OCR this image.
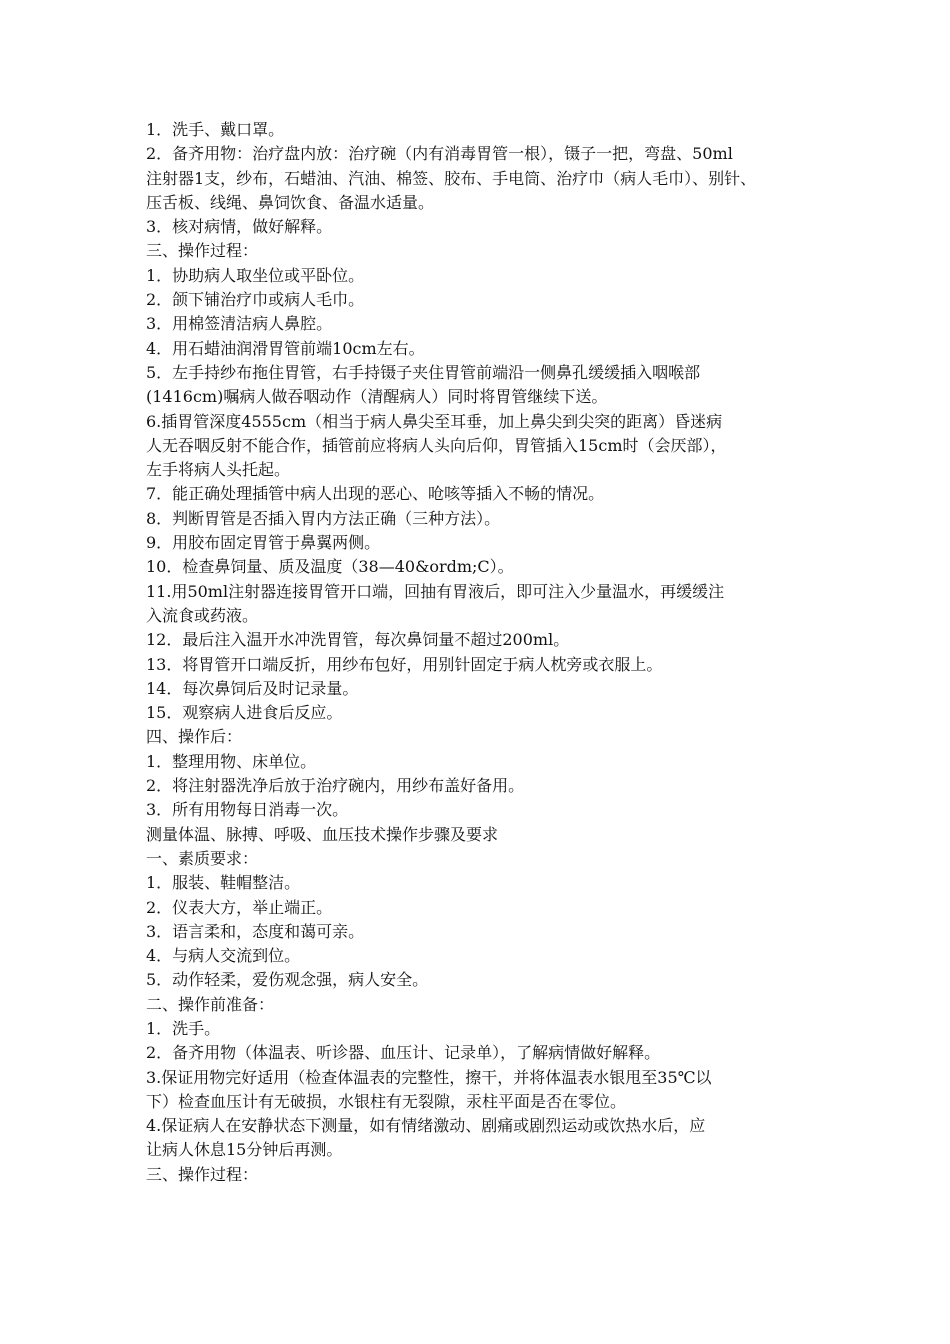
1．洗手、戴口罩。
2．备齐用物：治疗盘内放：治疗碗（内有消毒胃管一根），镊子一把，弯盘、50ml
注射器1支，纱布，石蜡油、汽油、棉签、胶布、手电筒、治疗巾（病人毛巾）、别针、
压舌板、线绳、鼻饲饮食、备温水适量。
3．核对病情，做好解释。
三、操作过程：
1．协助病人取坐位或平卧位。
2．颌下铺治疗巾或病人毛巾。
3．用棉签清洁病人鼻腔。
4．用石蜡油润滑胃管前端10cm左右。
5．左手持纱布拖住胃管，右手持镊子夹住胃管前端沿一侧鼻孔缓缓插入咽喉部
(1416cm)嘱病人做吞咽动作（清醒病人）同时将胃管继续下送。
6.插胃管深度4555cm（相当于病人鼻尖至耳垂，加上鼻尖到尖突的距离）昏迷病
人无吞咽反射不能合作，插管前应将病人头向后仰，胃管插入15cm时（会厌部），
左手将病人头托起。
7．能正确处理插管中病人出现的恶心、呛咳等插入不畅的情况。
8．判断胃管是否插入胃内方法正确（三种方法）。
9．用胶布固定胃管于鼻翼两侧。
10．检查鼻饲量、质及温度（38—40&ordm;C）。
11.用50ml注射器连接胃管开口端，回抽有胃液后，即可注入少量温水，再缓缓注
入流食或药液。
12．最后注入温开水冲洗胃管，每次鼻饲量不超过200ml。
13．将胃管开口端反折，用纱布包好，用别针固定于病人枕旁或衣服上。
14．每次鼻饲后及时记录量。
15．观察病人进食后反应。
四、操作后：
1．整理用物、床单位。
2．将注射器洗净后放于治疗碗内，用纱布盖好备用。
3．所有用物每日消毒一次。
测量体温、脉搏、呼吸、血压技术操作步骤及要求
一、素质要求：
1．服装、鞋帽整洁。
2．仪表大方，举止端正。
3．语言柔和，态度和蔼可亲。
4．与病人交流到位。
5．动作轻柔，爱伤观念强，病人安全。
二、操作前准备：
1．洗手。
2．备齐用物（体温表、听诊器、血压计、记录单），了解病情做好解释。
3.保证用物完好适用（检查体温表的完整性，擦干，并将体温表水银甩至35℃以
下）检查血压计有无破损，水银柱有无裂隙，汞柱平面是否在零位。
4.保证病人在安静状态下测量，如有情绪激动、剧痛或剧烈运动或饮热水后，应
让病人休息15分钟后再测。
三、操作过程：
